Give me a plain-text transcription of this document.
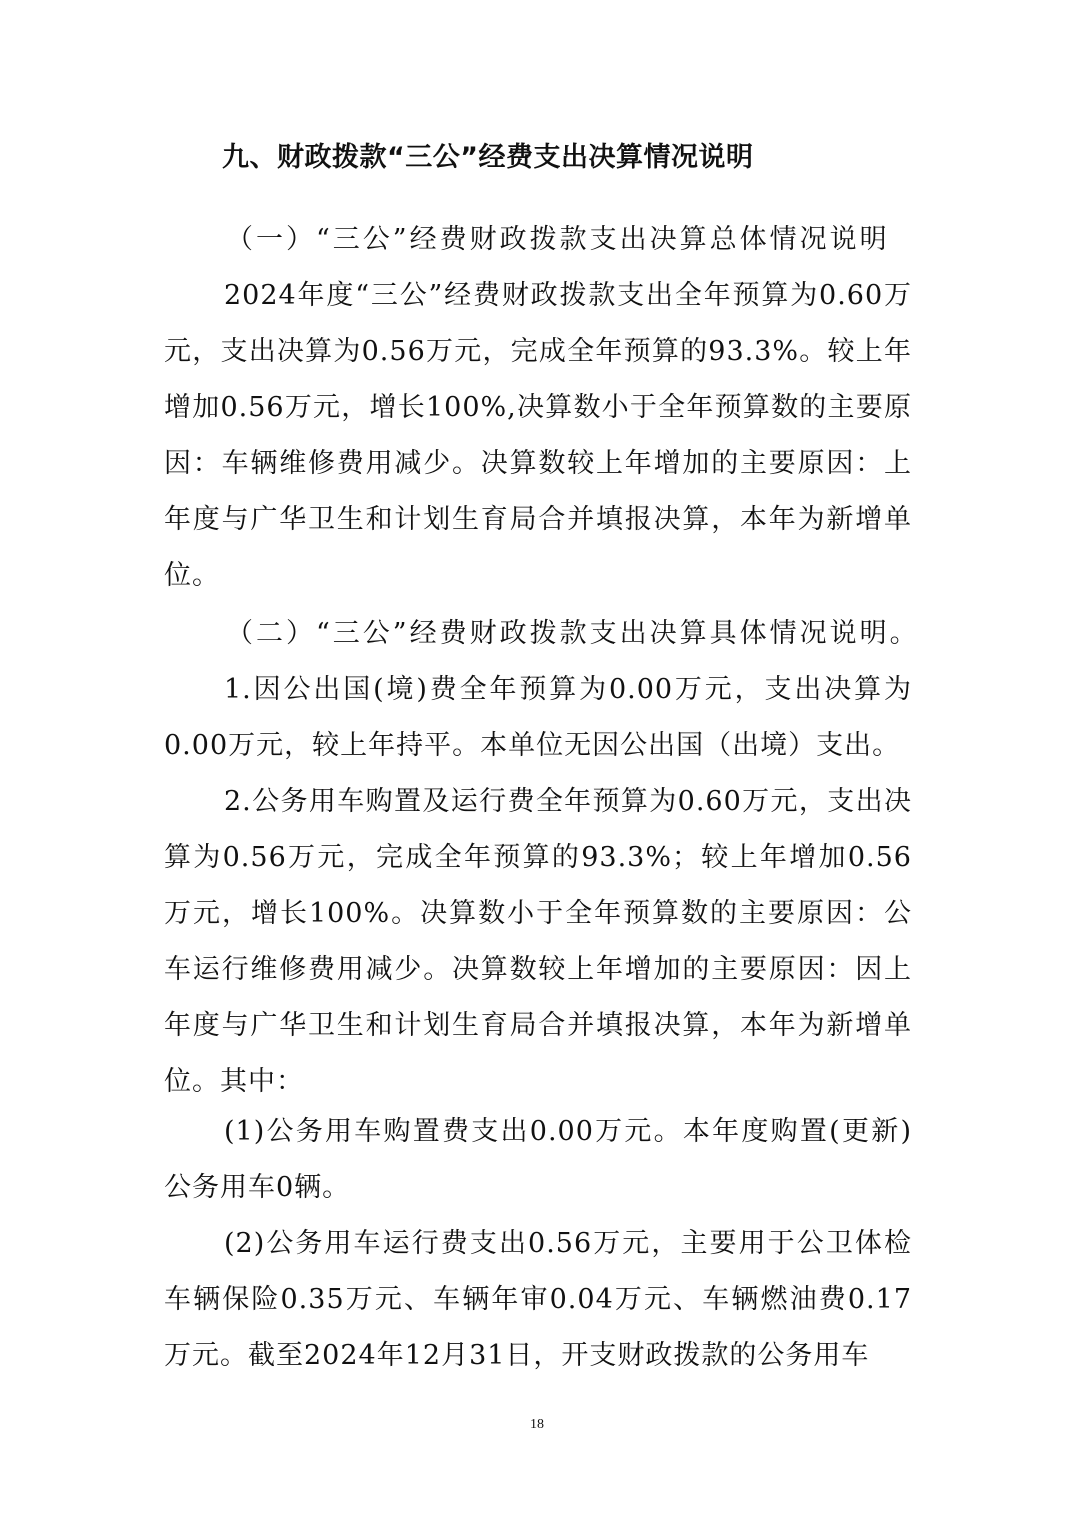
九、财政拨款“三公”经费支出决算情况说明
（一）“三公”经费财政拨款支出决算总体情况说明

2024年度“三公”经费财政拨款支出全年预算为0.60万元，支出决算为0.56万元，完成全年预算的93.3%。较上年增加0.56万元，增长100%,决算数小于全年预算数的主要原因：车辆维修费用减少。决算数较上年增加的主要原因：上年度与广华卫生和计划生育局合并填报决算，本年为新增单位。

（二）“三公”经费财政拨款支出决算具体情况说明。

1.因公出国(境)费全年预算为0.00万元，支出决算为0.00万元，较上年持平。本单位无因公出国（出境）支出。

2.公务用车购置及运行费全年预算为0.60万元，支出决算为0.56万元，完成全年预算的93.3%；较上年增加0.56万元，增长100%。决算数小于全年预算数的主要原因：公车运行维修费用减少。决算数较上年增加的主要原因：因上年度与广华卫生和计划生育局合并填报决算，本年为新增单位。其中：

(1)公务用车购置费支出0.00万元。本年度购置(更新)公务用车0辆。

(2)公务用车运行费支出0.56万元，主要用于公卫体检车辆保险0.35万元、车辆年审0.04万元、车辆燃油费0.17万元。截至2024年12月31日，开支财政拨款的公务用车

18
